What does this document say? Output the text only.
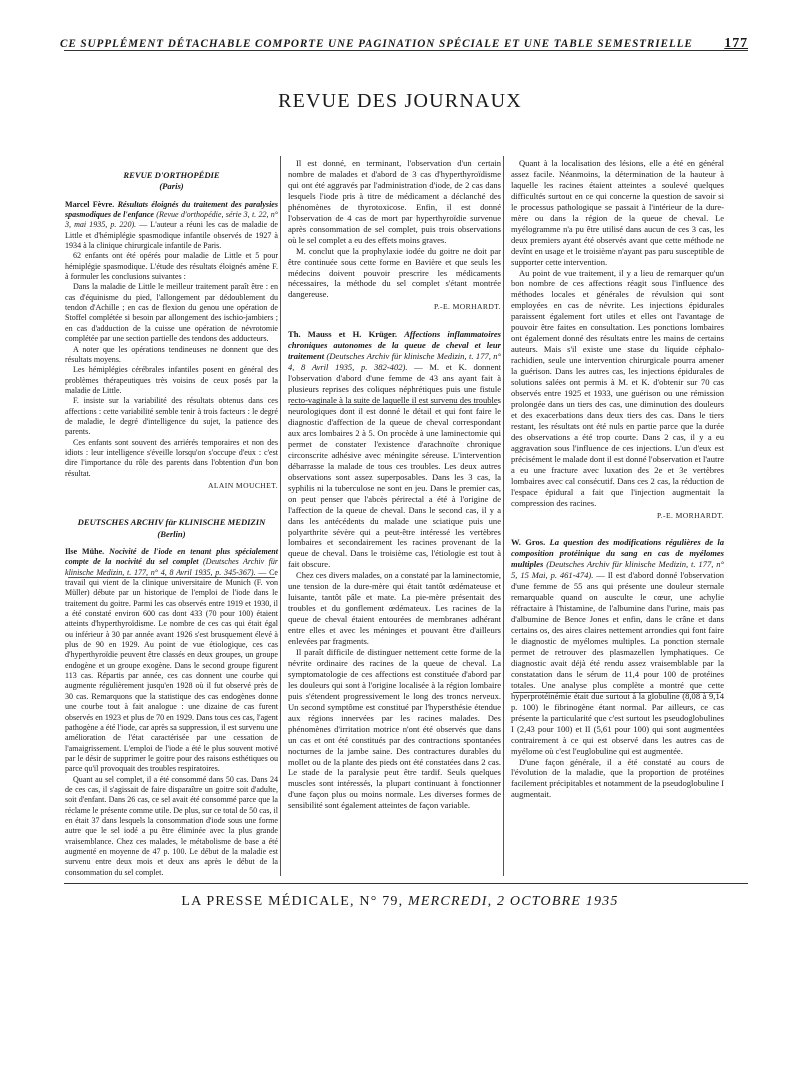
CE SUPPLÉMENT DÉTACHABLE COMPORTE UNE PAGINATION SPÉCIALE ET UNE TABLE SEMESTRIELLE 177
REVUE DES JOURNAUX
REVUE D'ORTHOPÉDIE
(Paris)

Marcel Fèvre. Résultats éloignés du traitement des paralysies spasmodiques de l'enfance (Revue d'orthopédie, série 3, t. 22, n° 3, mai 1935, p. 220). — L'auteur a réuni les cas de maladie de Little et d'hémiplégie spasmodique infantile observés de 1927 à 1934 à la clinique chirurgicale infantile de Paris.

62 enfants ont été opérés pour maladie de Little et 5 pour hémiplégie spasmodique. L'étude des résultats éloignés amène F. à formuler les conclusions suivantes :

Dans la maladie de Little le meilleur traitement paraît être : en cas d'équinisme du pied, l'allongement par dédoublement du tendon d'Achille ; en cas de flexion du genou une opération de Stoffel complétée si besoin par allongement des ischio-jambiers ; en cas d'adduction de la cuisse une opération de névrotomie complétée par une section partielle des tendons des adducteurs.

A noter que les opérations tendineuses ne donnent que des résultats moyens.

Les hémiplégies cérébrales infantiles posent en général des problèmes thérapeutiques très voisins de ceux posés par la maladie de Little.

F. insiste sur la variabilité des résultats obtenus dans ces affections : cette variabilité semble tenir à trois facteurs : le degré de maladie, le degré d'intelligence du sujet, la patience des parents.

Ces enfants sont souvent des arriérés temporaires et non des idiots : leur intelligence s'éveille lorsqu'on s'occupe d'eux : c'est dire l'importance du rôle des parents dans l'obtention d'un bon résultat.

ALAIN MOUCHET.
DEUTSCHES ARCHIV für KLINISCHE MEDIZIN
(Berlin)

Ilse Mühe. Nocivité de l'iode en tenant plus spécialement compte de la nocivité du sel complet (Deutsches Archiv für klinische Medizin, t. 177, n° 4, 8 Avril 1935, p. 345-367). — Ce travail qui vient de la clinique universitaire de Munich (F. von Müller) débute par un historique de l'emploi de l'iode dans le traitement du goitre. Parmi les cas observés entre 1919 et 1930, il a été constaté environ 600 cas dont 433 (70 pour 100) étaient atteints d'hyperthyroïdisme. Le nombre de ces cas qui était égal ou inférieur à 30 par année avant 1926 s'est brusquement élevé à plus de 90 en 1929. Au point de vue étiologique, ces cas d'hyperthyroïdie peuvent être classés en deux groupes, un groupe endogène et un groupe exogène. Dans le second groupe figurent 113 cas. Répartis par année, ces cas donnent une courbe qui augmente régulièrement jusqu'en 1928 où il fut observé près de 30 cas. Remarquons que la statistique des cas endogènes donne une courbe tout à fait analogue : une dizaine de cas furent observés en 1923 et plus de 70 en 1929. Dans tous ces cas, l'agent pathogène a été l'iode, car après sa suppression, il est survenu une amélioration de l'état caractérisée par une cessation de l'amaigrissement. L'emploi de l'iode a été le plus souvent motivé par le désir de supprimer le goitre pour des raisons esthétiques ou parce qu'il provoquait des troubles respiratoires.

Quant au sel complet, il a été consommé dans 50 cas. Dans 24 de ces cas, il s'agissait de faire disparaître un goitre soit d'adulte, soit d'enfant. Dans 26 cas, ce sel avait été consommé parce que la réclame le présente comme utile. De plus, sur ce total de 50 cas, il en était 37 dans lesquels la consommation d'iode sous une forme autre que le sel iodé a pu être éliminée avec la plus grande vraisemblance. Chez ces malades, le métabolisme de base a été augmenté en moyenne de 47 p. 100. Le début de la maladie est survenu entre deux mois et deux ans après le début de la consommation du sel complet.

Il est donné, en terminant, l'observation d'un certain nombre de malades et d'abord de 3 cas d'hyperthyroïdisme qui ont été aggravés par l'administration d'iode, de 2 cas dans lesquels l'iode pris à titre de médicament a déclanché des phénomènes de thyrotoxicose. Enfin, il est donné l'observation de 4 cas de mort par hyperthyroïdie survenue après consommation de sel complet, puis trois observations où le sel complet a eu des effets moins graves.

M. conclut que la prophylaxie iodée du goitre ne doit par être continuée sous cette forme en Bavière et que seuls les médecins doivent pouvoir prescrire les médicaments nécessaires, la méthode du sel complet s'étant montrée dangereuse.

P.-E. MORHARDT.

Th. Mauss et H. Krüger. Affections inflammatoires chroniques autonomes de la queue de cheval et leur traitement (Deutsches Archiv für klinische Medizin, t. 177, n° 4, 8 Avril 1935, p. 382-402). — M. et K. donnent l'observation d'abord d'une femme de 43 ans ayant fait à plusieurs reprises des coliques néphrétiques puis une fistule recto-vaginale à la suite de laquelle il est survenu des troubles neurologiques dont il est donné le détail et qui font faire le diagnostic d'affection de la queue de cheval correspondant aux arcs lombaires 2 à 5. On procède à une laminectomie qui permet de constater l'existence d'arachnoïte chronique circonscrite adhésive avec méningite séreuse. L'intervention débarrasse la malade de tous ces troubles. Les deux autres observations sont assez superposables. Dans les 3 cas, la syphilis ni la tuberculose ne sont en jeu. Dans le premier cas, on peut penser que l'abcès périrectal a été à l'origine de l'affection de la queue de cheval. Dans le second cas, il y a dans les antécédents du malade une sciatique puis une polyarthrite sévère qui a peut-être intéressé les vertèbres lombaires et secondairement les racines provenant de la queue de cheval. Dans le troisième cas, l'étiologie est tout à fait obscure.

Chez ces divers malades, on a constaté par la laminectomie, une tension de la dure-mère qui était tantôt œdémateuse et luisante, tantôt pâle et mate. La pie-mère présentait des troubles et du gonflement œdémateux. Les racines de la queue de cheval étaient entourées de membranes adhérant entre elles et avec les méninges et pouvant être d'ailleurs enlevées par fragments.

Il paraît difficile de distinguer nettement cette forme de la névrite ordinaire des racines de la queue de cheval. La symptomatologie de ces affections est constituée d'abord par les douleurs qui sont à l'origine localisée à la région lombaire puis s'étendent progressivement le long des troncs nerveux. Un second symptôme est constitué par l'hypersthésie étendue aux régions innervées par les racines malades. Des phénomènes d'irritation motrice n'ont été observés que dans un cas et ont été constitués par des contractions spontanées nocturnes de la jambe saine. Des contractures durables du mollet ou de la plante des pieds ont été constatées dans 2 cas. Le stade de la paralysie peut être tardif. Seuls quelques muscles sont intéressés, la plupart continuant à fonctionner d'une façon plus ou moins normale. Les diverses formes de sensibilité sont également atteintes de façon variable.

Quant à la localisation des lésions, elle a été en général assez facile. Néanmoins, la détermination de la hauteur à laquelle les racines étaient atteintes a soulevé quelques difficultés surtout en ce qui concerne la question de savoir si le processus pathologique se passait à l'intérieur de la dure-mère ou dans la région de la queue de cheval. Le myélogramme n'a pu être utilisé dans aucun de ces 3 cas, les deux premiers ayant été observés avant que cette méthode ne devînt en usage et le troisième n'ayant pas paru susceptible de supporter cette intervention.

Au point de vue traitement, il y a lieu de remarquer qu'un bon nombre de ces affections réagit sous l'influence des méthodes locales et générales de révulsion qui sont employées en cas de névrite. Les injections épidurales paraissent également fort utiles et elles ont l'avantage de pouvoir être faites en consultation. Les ponctions lombaires ont également donné des résultats entre les mains de certains auteurs. Mais s'il existe une stase du liquide céphalo-rachidien, seule une intervention chirurgicale pourra amener la guérison. Dans les autres cas, les injections épidurales de solutions salées ont permis à M. et K. d'obtenir sur 70 cas observés entre 1925 et 1933, une guérison ou une rémission prolongée dans un tiers des cas, une diminution des douleurs et des exacerbations dans deux tiers des cas. Dans le tiers restant, les résultats ont été nuls en partie parce que la durée des observations a été trop courte. Dans 2 cas, il y a eu aggravation sous l'influence de ces injections. L'un d'eux est précisément le malade dont il est donné l'observation et l'autre a eu une fracture avec luxation des 2e et 3e vertèbres lombaires avec cal consécutif. Dans ces 2 cas, la réduction de l'espace épidural a fait que l'injection augmentait la compression des racines.

P.-E. MORHARDT.

W. Gros. La question des modifications régulières de la composition protéinique du sang en cas de myélomes multiples (Deutsches Archiv für klinische Medizin, t. 177, n° 5, 15 Mai, p. 461-474). — Il est d'abord donné l'observation d'une femme de 55 ans qui présente une douleur sternale remarquable quand on ausculte le cœur, une achylie réfractaire à l'histamine, de l'albumine dans l'urine, mais pas d'albumine de Bence Jones et enfin, dans le crâne et dans certains os, des aires claires nettement arrondies qui font faire le diagnostic de myélomes multiples. La ponction sternale permet de retrouver des plasmazellen lymphatiques. Ce diagnostic avait déjà été rendu assez vraisemblable par la constatation dans le sérum de 11,4 pour 100 de protéines totales. Une analyse plus complète a montré que cette hyperprotéinémie était due surtout à la globuline (8,08 à 9,14 p. 100) le fibrinogène étant normal. Par ailleurs, ce cas présente la particularité que c'est surtout les pseudoglobulines I (2,43 pour 100) et II (5,61 pour 100) qui sont augmentées contrairement à ce qui est observé dans les autres cas de myélome où c'est l'euglobuline qui est augmentée.

D'une façon générale, il a été constaté au cours de l'évolution de la maladie, que la proportion de protéines facilement précipitables et notamment de la pseudoglobuline I augmentait.

LA PRESSE MÉDICALE, N° 79, MERCREDI, 2 OCTOBRE 1935
